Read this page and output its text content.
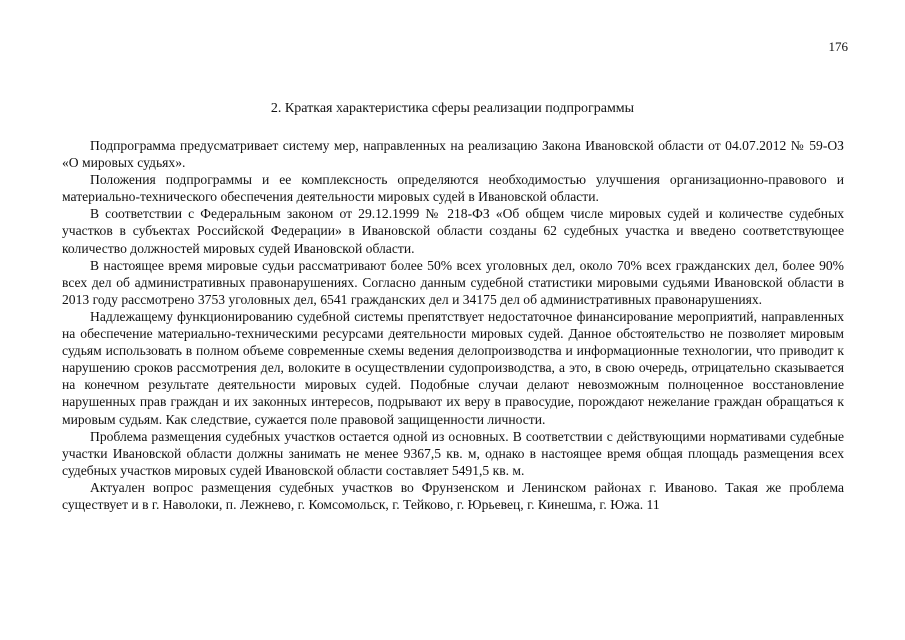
176
2. Краткая характеристика сферы реализации подпрограммы

Подпрограмма предусматривает систему мер, направленных на реализацию Закона Ивановской области от 04.07.2012 № 59-ОЗ «О мировых судьях».

Положения подпрограммы и ее комплексность определяются необходимостью улучшения организационно-правового и материально-технического обеспечения деятельности мировых судей в Ивановской области.

В соответствии с Федеральным законом от 29.12.1999 № 218-ФЗ «Об общем числе мировых судей и количестве судебных участков в субъектах Российской Федерации» в Ивановской области созданы 62 судебных участка и введено соответствующее количество должностей мировых судей Ивановской области.

В настоящее время мировые судьи рассматривают более 50% всех уголовных дел, около 70% всех гражданских дел, более 90% всех дел об административных правонарушениях. Согласно данным судебной статистики мировыми судьями Ивановской области в 2013 году рассмотрено 3753 уголовных дел, 6541 гражданских дел и 34175 дел об административных правонарушениях.

Надлежащему функционированию судебной системы препятствует недостаточное финансирование мероприятий, направленных на обеспечение материально-техническими ресурсами деятельности мировых судей. Данное обстоятельство не позволяет мировым судьям использовать в полном объеме современные схемы ведения делопроизводства и информационные технологии, что приводит к нарушению сроков рассмотрения дел, волоките в осуществлении судопроизводства, а это, в свою очередь, отрицательно сказывается на конечном результате деятельности мировых судей. Подобные случаи делают невозможным полноценное восстановление нарушенных прав граждан и их законных интересов, подрывают их веру в правосудие, порождают нежелание граждан обращаться к мировым судьям. Как следствие, сужается поле правовой защищенности личности.

Проблема размещения судебных участков остается одной из основных. В соответствии с действующими нормативами судебные участки Ивановской области должны занимать не менее 9367,5 кв. м, однако в настоящее время общая площадь размещения всех судебных участков мировых судей Ивановской области составляет 5491,5 кв. м.

Актуален вопрос размещения судебных участков во Фрунзенском и Ленинском районах г. Иваново. Такая же проблема существует и в г. Наволоки, п. Лежнево, г. Комсомольск, г. Тейково, г. Юрьевец, г. Кинешма, г. Южа. 11
